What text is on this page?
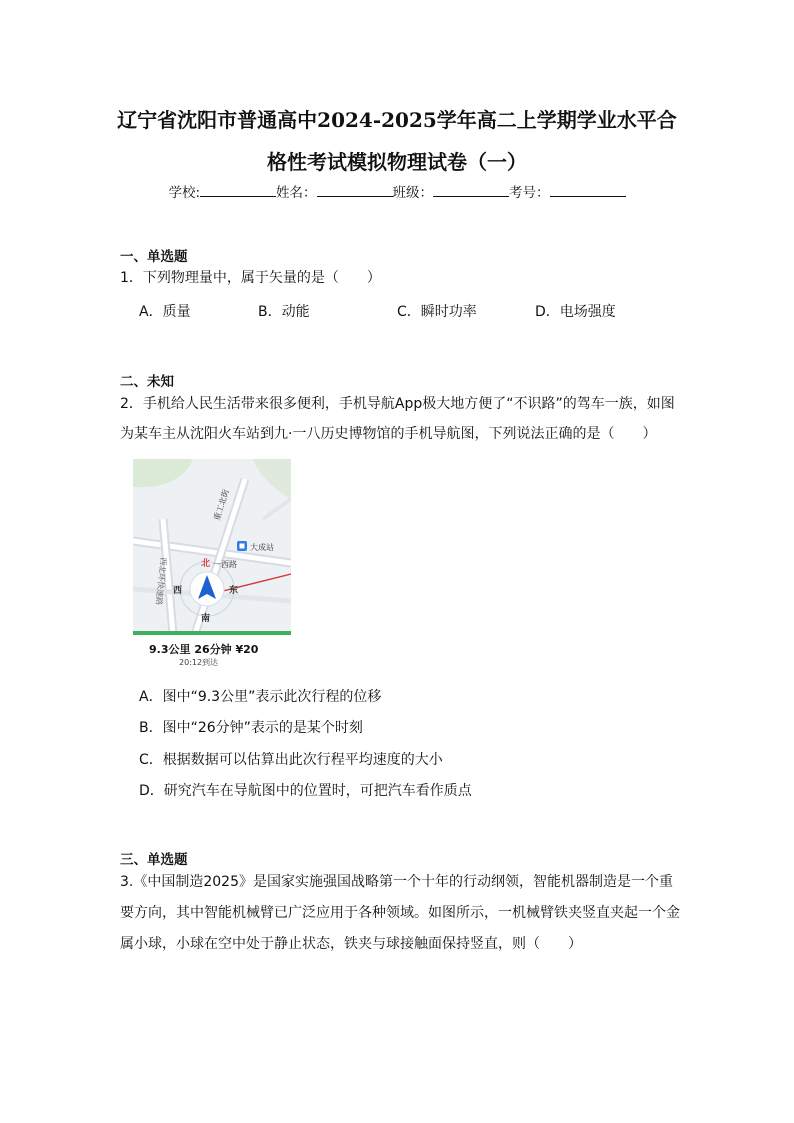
辽宁省沈阳市普通高中2024-2025学年高二上学期学业水平合
格性考试模拟物理试卷（一）
学校:	姓名：	班级：	考号：
一、单选题
1．下列物理量中，属于矢量的是（　　）
A．质量	B．动能	C．瞬时功率	D．电场强度
二、未知
2．手机给人民生活带来很多便利，手机导航App极大地方便了“不识路”的驾车一族，如图
为某车主从沈阳火车站到九·一八历史博物馆的手机导航图，下列说法正确的是（　　）
重工北街
大成站
北 一西路
西	东
南
西北环快速路
9.3公里 26分钟 ¥20
20:12到达
A．图中“9.3公里”表示此次行程的位移
B．图中“26分钟”表示的是某个时刻
C．根据数据可以估算出此次行程平均速度的大小
D．研究汽车在导航图中的位置时，可把汽车看作质点
三、单选题
3.《中国制造2025》是国家实施强国战略第一个十年的行动纲领，智能机器制造是一个重
要方向，其中智能机械臂已广泛应用于各种领域。如图所示，一机械臂铁夹竖直夹起一个金
属小球，小球在空中处于静止状态，铁夹与球接触面保持竖直，则（　　）
